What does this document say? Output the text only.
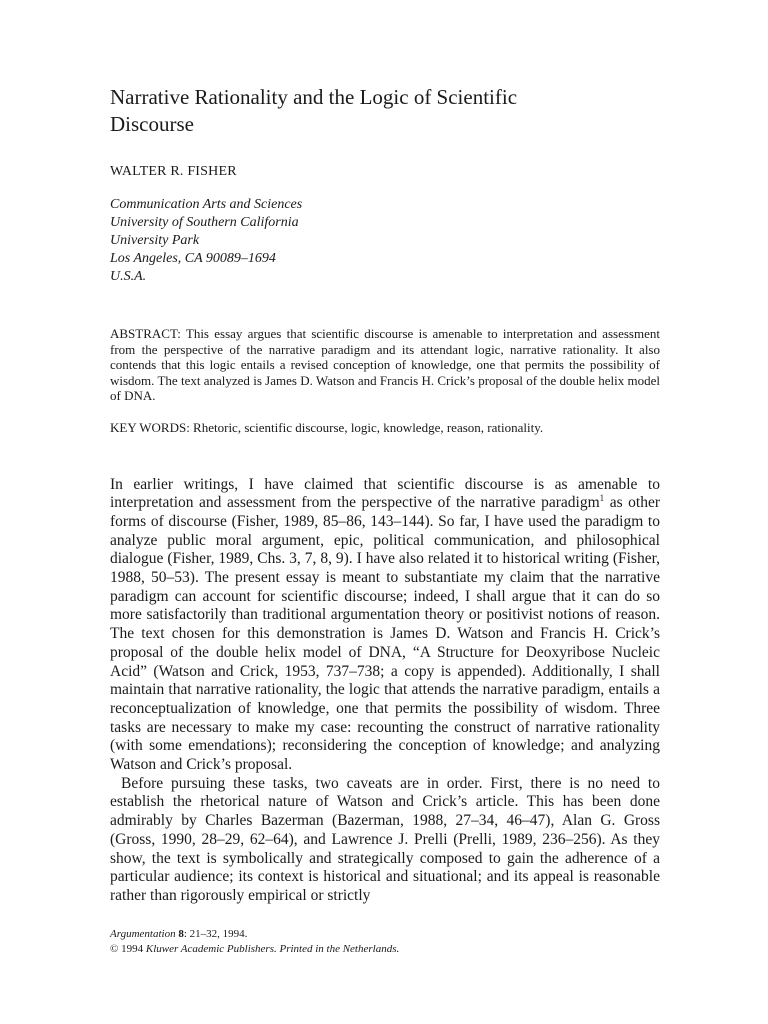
Narrative Rationality and the Logic of Scientific Discourse
WALTER R. FISHER
Communication Arts and Sciences
University of Southern California
University Park
Los Angeles, CA 90089–1694
U.S.A.
ABSTRACT: This essay argues that scientific discourse is amenable to interpretation and assessment from the perspective of the narrative paradigm and its attendant logic, narrative rationality. It also contends that this logic entails a revised conception of knowledge, one that permits the possibility of wisdom. The text analyzed is James D. Watson and Francis H. Crick’s proposal of the double helix model of DNA.
KEY WORDS: Rhetoric, scientific discourse, logic, knowledge, reason, rationality.

In earlier writings, I have claimed that scientific discourse is as amenable to interpretation and assessment from the perspective of the narrative paradigm$^1$ as other forms of discourse (Fisher, 1989, 85–86, 143–144). So far, I have used the paradigm to analyze public moral argument, epic, political communication, and philosophical dialogue (Fisher, 1989, Chs. 3, 7, 8, 9). I have also related it to historical writing (Fisher, 1988, 50–53). The present essay is meant to substantiate my claim that the narrative paradigm can account for scientific discourse; indeed, I shall argue that it can do so more satisfactorily than traditional argumentation theory or positivist notions of reason. The text chosen for this demonstration is James D. Watson and Francis H. Crick’s proposal of the double helix model of DNA, “A Structure for Deoxyribose Nucleic Acid” (Watson and Crick, 1953, 737–738; a copy is appended). Additionally, I shall maintain that narrative rationality, the logic that attends the narrative paradigm, entails a reconceptualization of knowledge, one that permits the possibility of wisdom. Three tasks are necessary to make my case: recounting the construct of narrative rationality (with some emendations); reconsidering the conception of knowledge; and analyzing Watson and Crick’s proposal.

Before pursuing these tasks, two caveats are in order. First, there is no need to establish the rhetorical nature of Watson and Crick’s article. This has been done admirably by Charles Bazerman (Bazerman, 1988, 27–34, 46–47), Alan G. Gross (Gross, 1990, 28–29, 62–64), and Lawrence J. Prelli (Prelli, 1989, 236–256). As they show, the text is symbolically and strategically composed to gain the adherence of a particular audience; its context is historical and situational; and its appeal is reasonable rather than rigorously empirical or strictly

Argumentation 8: 21–32, 1994.
© 1994 Kluwer Academic Publishers. Printed in the Netherlands.
